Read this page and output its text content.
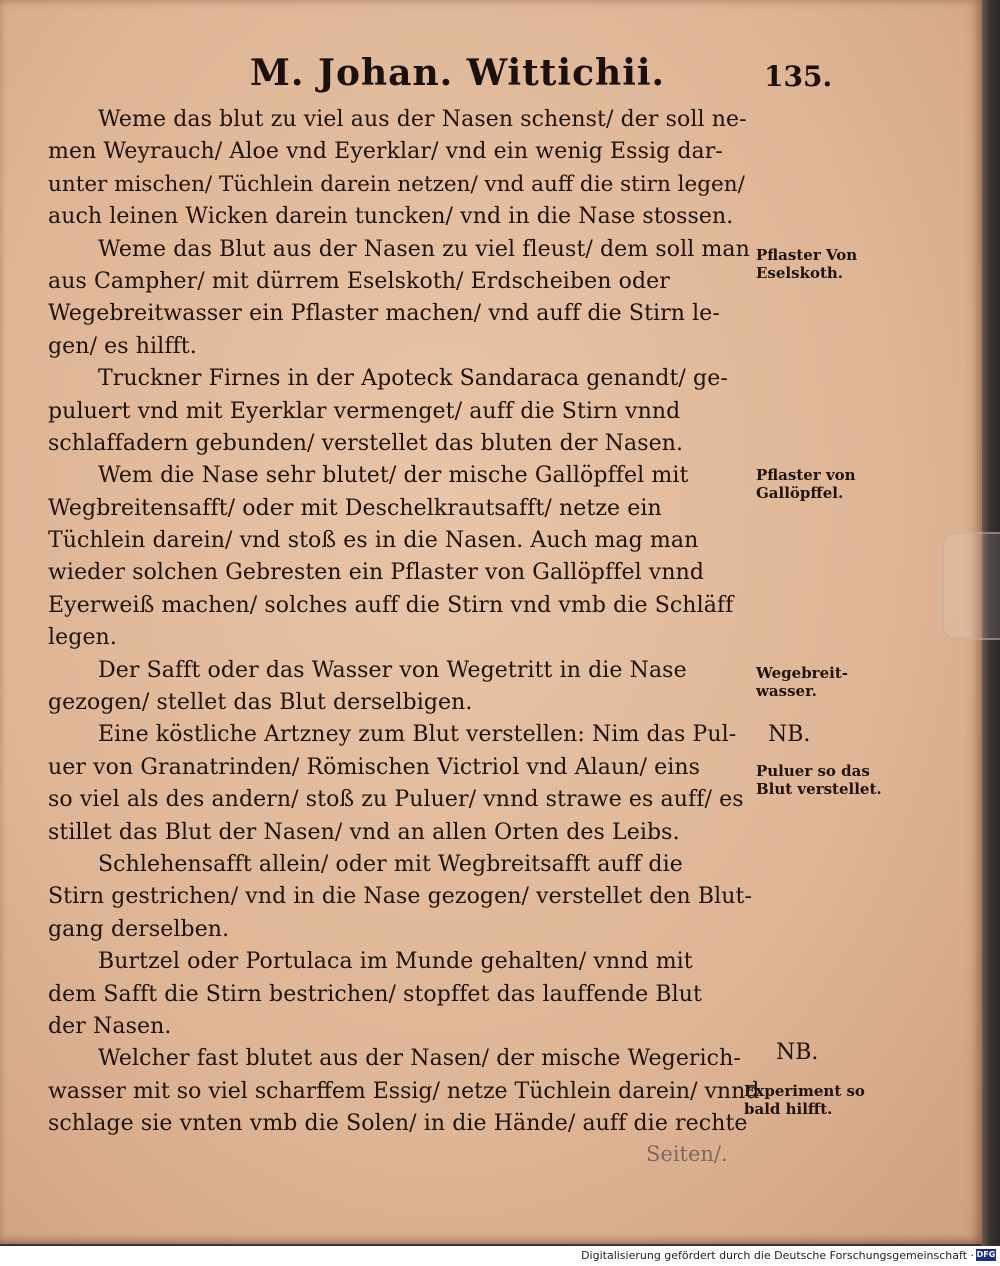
M. Johan. Wittichii.	135.
Weme das blut zu viel aus der Nasen schenst/ der soll ne-
men Weyrauch/ Aloe vnd Eyerklar/ vnd ein wenig Essig dar-
unter mischen/ Tüchlein darein netzen/ vnd auff die stirn legen/
auch leinen Wicken darein tuncken/ vnd in die Nase stossen.
Weme das Blut aus der Nasen zu viel fleust/ dem soll man
aus Campher/ mit dürrem Eselskoth/ Erdscheiben oder
Wegebreitwasser ein Pflaster machen/ vnd auff die Stirn le-
gen/ es hilfft.
Truckner Firnes in der Apoteck Sandaraca genandt/ ge-
puluert vnd mit Eyerklar vermenget/ auff die Stirn vnnd
schlaffadern gebunden/ verstellet das bluten der Nasen.
Wem die Nase sehr blutet/ der mische Gallöpffel mit
Wegbreitensafft/ oder mit Deschelkrautsafft/ netze ein
Tüchlein darein/ vnd stoß es in die Nasen. Auch mag man
wieder solchen Gebresten ein Pflaster von Gallöpffel vnnd
Eyerweiß machen/ solches auff die Stirn vnd vmb die Schläff
legen.
Der Safft oder das Wasser von Wegetritt in die Nase
gezogen/ stellet das Blut derselbigen.
Eine köstliche Artzney zum Blut verstellen: Nim das Pul-
uer von Granatrinden/ Römischen Victriol vnd Alaun/ eins
so viel als des andern/ stoß zu Puluer/ vnnd strawe es auff/ es
stillet das Blut der Nasen/ vnd an allen Orten des Leibs.
Schlehensafft allein/ oder mit Wegbreitsafft auff die
Stirn gestrichen/ vnd in die Nase gezogen/ verstellet den Blut-
gang derselben.
Burtzel oder Portulaca im Munde gehalten/ vnnd mit
dem Safft die Stirn bestrichen/ stopffet das lauffende Blut
der Nasen.
Welcher fast blutet aus der Nasen/ der mische Wegerich-
wasser mit so viel scharffem Essig/ netze Tüchlein darein/ vnnd
schlage sie vnten vmb die Solen/ in die Hände/ auff die rechte
Pflaster Von
Eselskoth.
Pflaster von
Gallöpffel.
Wegebreit-
wasser.
NB.
Puluer so das
Blut verstellet.
NB.
Experiment so
bald hilfft.
Seiten/.
Digitalisierung gefördert durch die Deutsche Forschungsgemeinschaft · DFG
